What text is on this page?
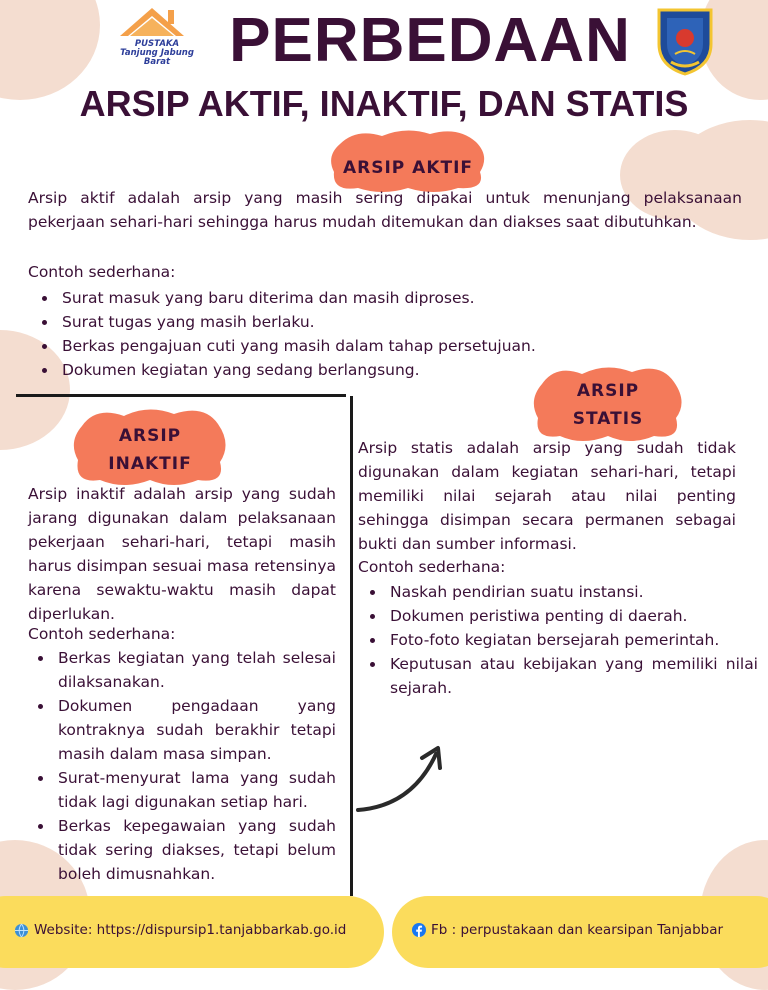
PUSTAKA Tanjung Jabung Barat PERBEDAAN
ARSIP AKTIF, INAKTIF, DAN STATIS
ARSIP AKTIF

Arsip aktif adalah arsip yang masih sering dipakai untuk menunjang pelaksanaan pekerjaan sehari-hari sehingga harus mudah ditemukan dan diakses saat dibutuhkan.

Contoh sederhana:
• Surat masuk yang baru diterima dan masih diproses.
• Surat tugas yang masih berlaku.
• Berkas pengajuan cuti yang masih dalam tahap persetujuan.
• Dokumen kegiatan yang sedang berlangsung.
ARSIP
INAKTIF

Arsip inaktif adalah arsip yang sudah jarang digunakan dalam pelaksanaan pekerjaan sehari-hari, tetapi masih harus disimpan sesuai masa retensinya karena sewaktu-waktu masih dapat diperlukan.

Contoh sederhana:
• Berkas kegiatan yang telah selesai dilaksanakan.
• Dokumen pengadaan yang kontraknya sudah berakhir tetapi masih dalam masa simpan.
• Surat-menyurat lama yang sudah tidak lagi digunakan setiap hari.
• Berkas kepegawaian yang sudah tidak sering diakses, tetapi belum boleh dimusnahkan.
ARSIP
STATIS

Arsip statis adalah arsip yang sudah tidak digunakan dalam kegiatan sehari-hari, tetapi memiliki nilai sejarah atau nilai penting sehingga disimpan secara permanen sebagai bukti dan sumber informasi.

Contoh sederhana:
• Naskah pendirian suatu instansi.
• Dokumen peristiwa penting di daerah.
• Foto-foto kegiatan bersejarah pemerintah.
• Keputusan atau kebijakan yang memiliki nilai sejarah.
Website: https://dispursip1.tanjabbarkab.go.id	Fb : perpustakaan dan kearsipan Tanjabbar
